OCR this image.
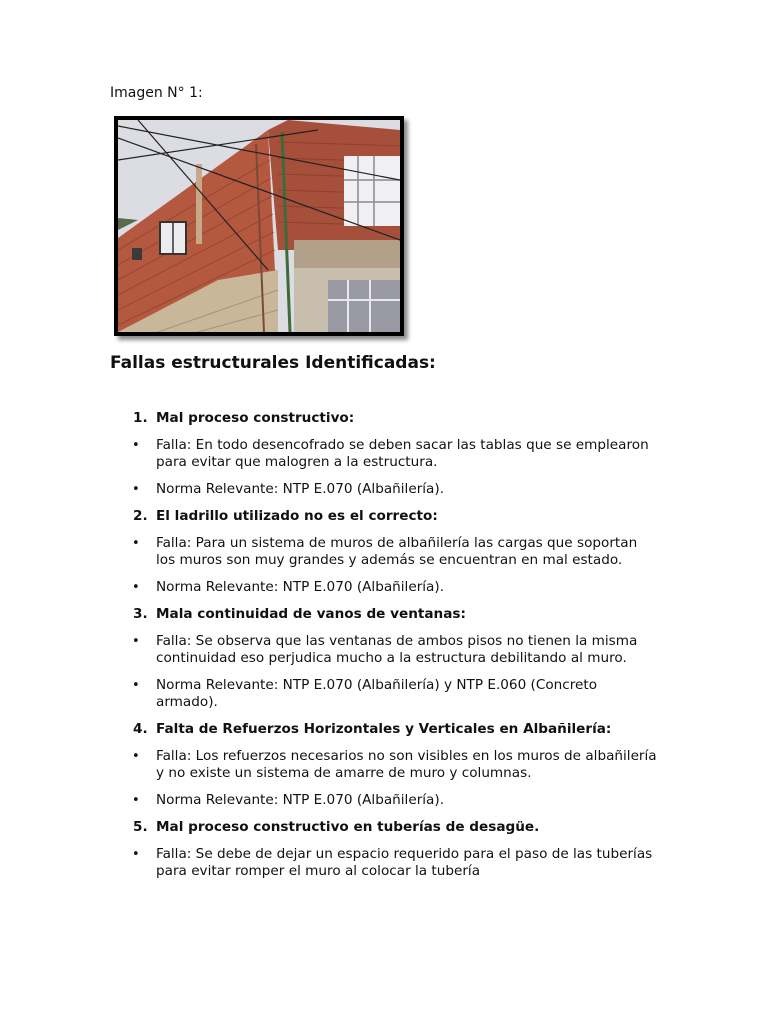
Imagen N° 1:
Fallas estructurales Identificadas:
1. Mal proceso constructivo:
• Falla: En todo desencofrado se deben sacar las tablas que se emplearon para evitar que malogren a la estructura.
• Norma Relevante: NTP E.070 (Albañilería).
2. El ladrillo utilizado no es el correcto:
• Falla: Para un sistema de muros de albañilería las cargas que soportan los muros son muy grandes y además se encuentran en mal estado.
• Norma Relevante: NTP E.070 (Albañilería).
3. Mala continuidad de vanos de ventanas:
• Falla: Se observa que las ventanas de ambos pisos no tienen la misma continuidad eso perjudica mucho a la estructura debilitando al muro.
• Norma Relevante: NTP E.070 (Albañilería) y NTP E.060 (Concreto armado).
4. Falta de Refuerzos Horizontales y Verticales en Albañilería:
• Falla: Los refuerzos necesarios no son visibles en los muros de albañilería y no existe un sistema de amarre de muro y columnas.
• Norma Relevante: NTP E.070 (Albañilería).
5. Mal proceso constructivo en tuberías de desagüe.
• Falla: Se debe de dejar un espacio requerido para el paso de las tuberías para evitar romper el muro al colocar la tubería
